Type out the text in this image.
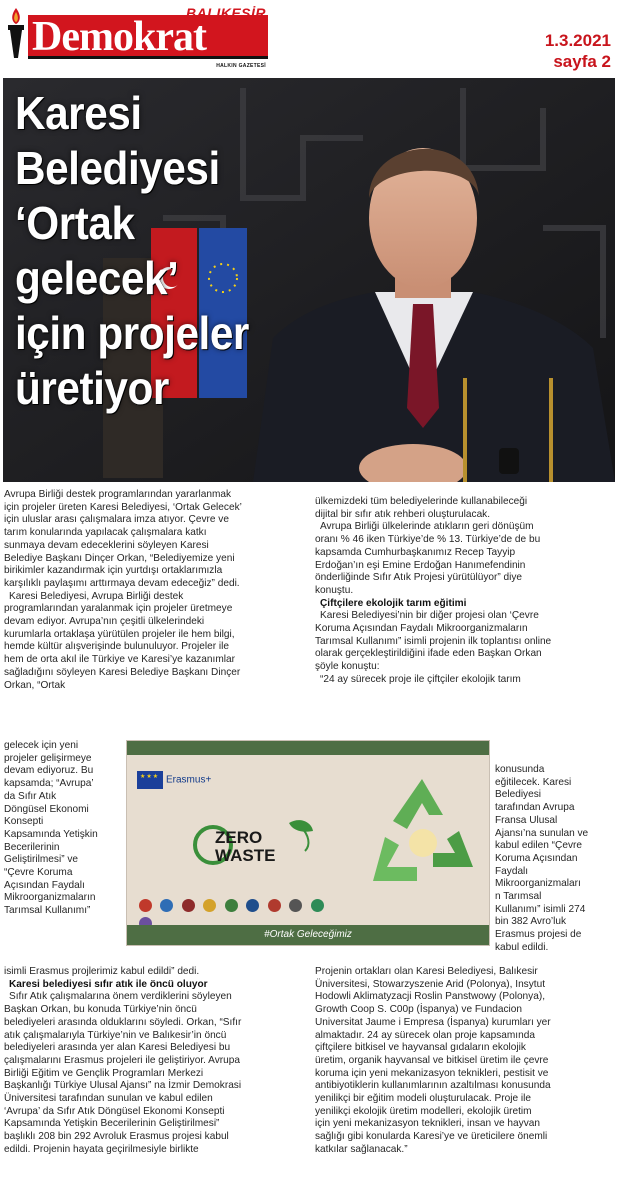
Demokrat
BALIKESİR
HALKIN GAZETESİ
1.3.2021
sayfa 2
Karesi
Belediyesi
‘Ortak
gelecek’
için projeler
üretiyor

Avrupa Birliği destek programlarından yararlanmak

için projeler üreten Karesi Belediyesi, ‘Ortak Gelecek’

için uluslar arası çalışmalara imza atıyor. Çevre ve

tarım konularında yapılacak çalışmalara katkı

sunmaya devam edeceklerini söyleyen Karesi

Belediye Başkanı Dinçer Orkan, “Belediyemize yeni

birikimler kazandırmak için yurtdışı ortaklarımızla

karşılıklı paylaşımı arttırmaya devam edeceğiz” dedi.

Karesi Belediyesi, Avrupa Birliği destek

programlarından yaralanmak için projeler üretmeye

devam ediyor. Avrupa’nın çeşitli ülkelerindeki

kurumlarla ortaklaşa yürütülen projeler ile hem bilgi,

hemde kültür alışverişinde bulunuluyor. Projeler ile

hem de orta akıl ile Türkiye ve Karesi’ye kazanımlar

sağladığını söyleyen Karesi Belediye Başkanı Dinçer

Orkan, “Ortak

gelecek için yeni

projeler gelişirmeye

devam ediyoruz. Bu

kapsamda; “Avrupa’

da Sıfır Atık

Döngüsel Ekonomi

Konsepti

Kapsamında Yetişkin

Becerilerinin

Geliştirilmesi” ve

“Çevre Koruma

Açısından Faydalı

Mikroorganizmaların

Tarımsal Kullanımı”

isimli Erasmus projlerimiz kabul edildi” dedi.

Karesi belediyesi sıfır atık ile öncü oluyor

Sıfır Atık çalışmalarına önem verdiklerini söyleyen

Başkan Orkan, bu konuda Türkiye’nin öncü

belediyeleri arasında olduklarını söyledi. Orkan, “Sıfır

atık çalışmalarıyla Türkiye’nin ve Balıkesir’in öncü

belediyeleri arasında yer alan Karesi Belediyesi bu

çalışmalarını Erasmus projeleri ile geliştiriyor. Avrupa

Birliği Eğitim ve Gençlik Programları Merkezi

Başkanlığı Türkiye Ulusal Ajansı” na İzmir Demokrasi

Üniversitesi tarafından sunulan ve kabul edilen

‘Avrupa’ da Sıfır Atık Döngüsel Ekonomi Konsepti

Kapsamında Yetişkin Becerilerinin Geliştirilmesi”

başlıklı 208 bin 292 Avroluk Erasmus projesi kabul

edildi. Projenin hayata geçirilmesiyle birlikte

ülkemizdeki tüm belediyelerinde kullanabileceği

dijital bir sıfır atık rehberi oluşturulacak.

Avrupa Birliği ülkelerinde atıkların geri dönüşüm

oranı % 46 iken Türkiye’de % 13. Türkiye’de de bu

kapsamda Cumhurbaşkanımız Recep Tayyip

Erdoğan’ın eşi Emine Erdoğan Hanımefendinin

önderliğinde Sıfır Atık Projesi yürütülüyor” diye

konuştu.

Çiftçilere ekolojik tarım eğitimi

Karesi Belediyesi’nin bir diğer projesi olan ‘Çevre

Koruma Açısından Faydalı Mikroorganizmaların

Tarımsal Kullanımı” isimli projenin ilk toplantısı online

olarak gerçekleştirildiğini ifade eden Başkan Orkan

şöyle konuştu:

“24 ay sürecek proje ile çiftçiler ekolojik tarım

konusunda

eğitilecek. Karesi

Belediyesi

tarafından Avrupa

Fransa Ulusal

Ajansı’na sunulan ve

kabul edilen “Çevre

Koruma Açısından

Faydalı

Mikroorganizmaları

n Tarımsal

Kullanımı” isimli 274

bin 382 Avro’luk

Erasmus projesi de

kabul edildi.

Projenin ortakları olan Karesi Belediyesi, Balıkesir

Üniversitesi, Stowarzyszenie Arid (Polonya), Insytut

Hodowli Aklimatyzacji Roslin Panstwowy (Polonya),

Growth Coop S. C00p (İspanya) ve Fundacion

Universitat Jaume i Empresa (İspanya) kurumları yer

almaktadır. 24 ay sürecek olan proje kapsamında

çiftçilere bitkisel ve hayvansal gıdaların ekolojik

üretim, organik hayvansal ve bitkisel üretim ile çevre

koruma için yeni mekanizasyon teknikleri, pestisit ve

antibiyotiklerin kullanımlarının azaltılması konusunda

yenilikçi bir eğitim modeli oluşturulacak. Proje ile

yenilikçi ekolojik üretim modelleri, ekolojik üretim

için yeni mekanizasyon teknikleri, insan ve hayvan

sağlığı gibi konularda Karesi’ye ve üreticilere önemli

katkılar sağlanacak.”

★★★Erasmus+
ZERO
WASTE

#Ortak Geleceğimiz
